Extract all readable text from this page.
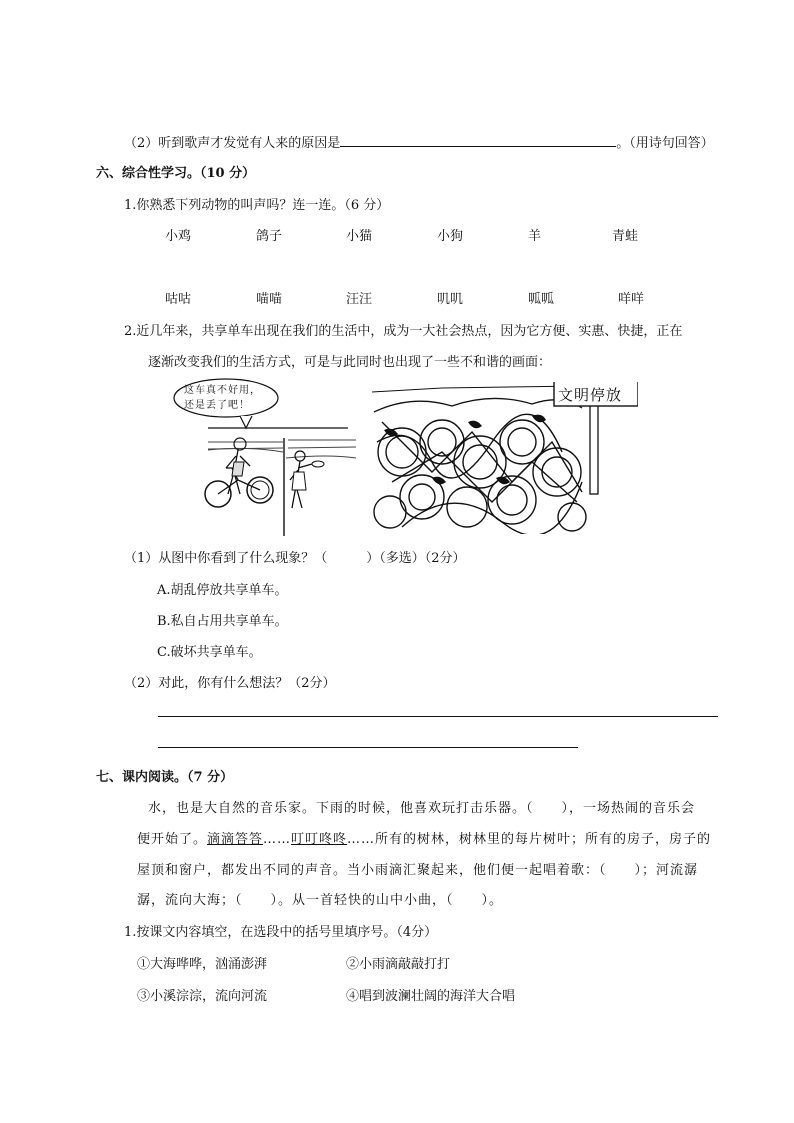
（2）听到歌声才发觉有人来的原因是	。（用诗句回答）
六、综合性学习。（10 分）
1.你熟悉下列动物的叫声吗？连一连。（6 分）
小鸡	鸽子	小猫	小狗	羊	青蛙
咕咕	喵喵	汪汪	叽叽	呱呱	咩咩
2.近几年来，共享单车出现在我们的生活中，成为一大社会热点，因为它方便、实惠、快捷，正在
逐渐改变我们的生活方式，可是与此同时也出现了一些不和谐的画面：
这车真不好用，
还是丢了吧！
文明停放
（1）从图中你看到了什么现象？（　　　）（多选）（2分）
A.胡乱停放共享单车。
B.私自占用共享单车。
C.破坏共享单车。
（2）对此，你有什么想法？（2分）
七、课内阅读。（7 分）
水，也是大自然的音乐家。下雨的时候，他喜欢玩打击乐器。（　　），一场热闹的音乐会
便开始了。滴滴答答……叮叮咚咚……所有的树林，树林里的每片树叶；所有的房子，房子的
屋顶和窗户，都发出不同的声音。当小雨滴汇聚起来，他们便一起唱着歌：（　　）；河流潺
潺，流向大海；（　　）。从一首轻快的山中小曲，（　　）。
1.按课文内容填空，在选段中的括号里填序号。（4分）
①大海哗哗，汹涌澎湃	②小雨滴敲敲打打
③小溪淙淙，流向河流	④唱到波澜壮阔的海洋大合唱
